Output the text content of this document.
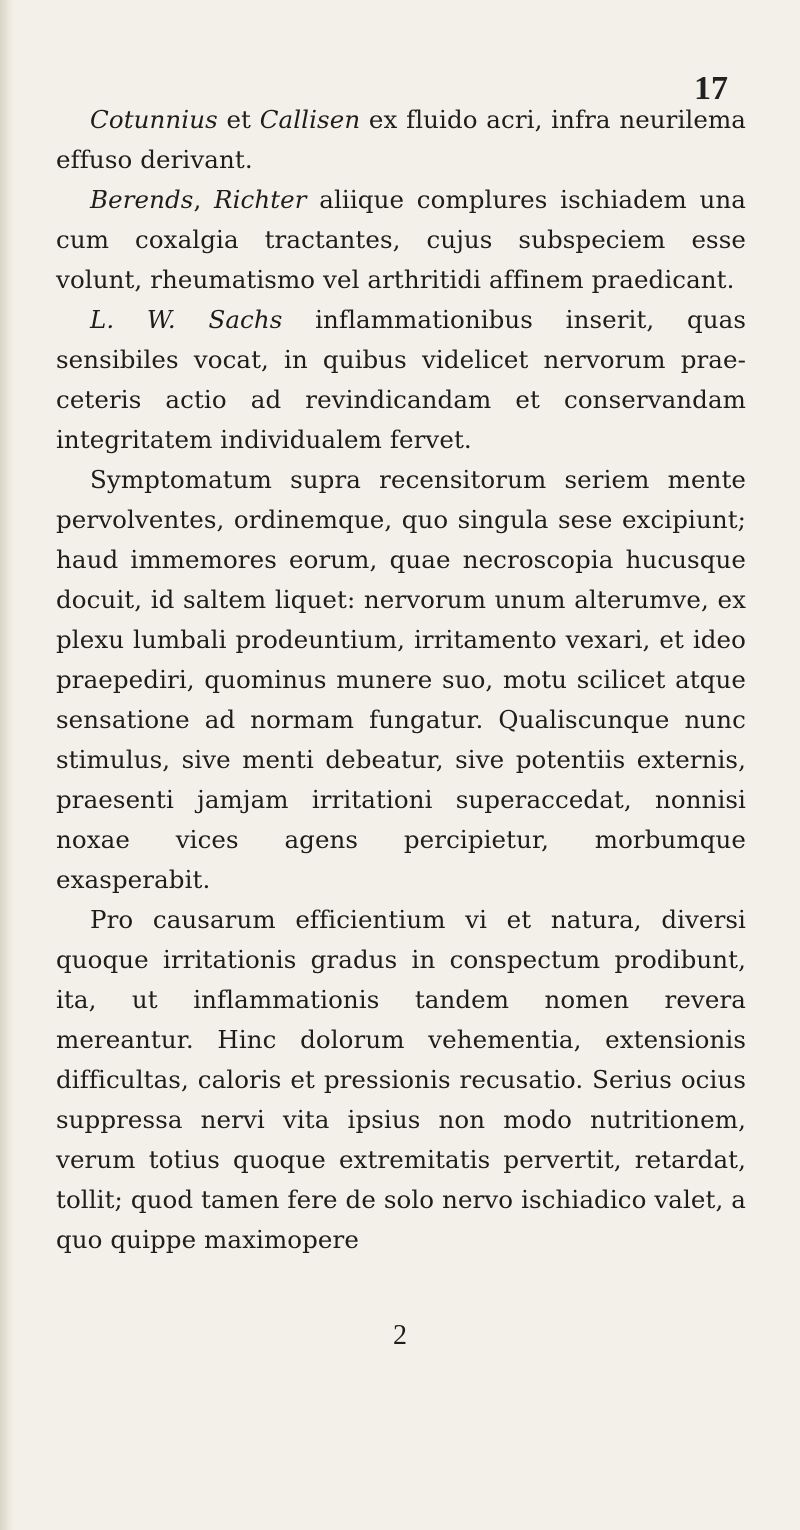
17

Cotunnius et Callisen ex fluido acri, infra neurilema effuso derivant.

Berends, Richter aliique complures ischiadem una cum coxalgia tractantes, cujus subspeciem esse volunt, rheumatismo vel arthritidi affinem praedicant.

L. W. Sachs inflammationibus inserit, quas sensibiles vocat, in quibus videlicet nervorum prae-ceteris actio ad revindicandam et conservandam integritatem individualem fervet.

Symptomatum supra recensitorum seriem mente pervolventes, ordinemque, quo singula sese excipiunt; haud immemores eorum, quae necroscopia hucusque docuit, id saltem liquet: nervorum unum alterumve, ex plexu lumbali prodeuntium, irritamento vexari, et ideo praepediri, quominus munere suo, motu scilicet atque sensatione ad normam fungatur. Qualiscunque nunc stimulus, sive menti debeatur, sive potentiis externis, praesenti jamjam irritationi superaccedat, nonnisi noxae vices agens percipietur, morbumque exasperabit.

Pro causarum efficientium vi et natura, diversi quoque irritationis gradus in conspectum prodibunt, ita, ut inflammationis tandem nomen revera mereantur. Hinc dolorum vehementia, extensionis difficultas, caloris et pressionis recusatio. Serius ocius suppressa nervi vita ipsius non modo nutritionem, verum totius quoque extremitatis pervertit, retardat, tollit; quod tamen fere de solo nervo ischiadico valet, a quo quippe maximopere

2
